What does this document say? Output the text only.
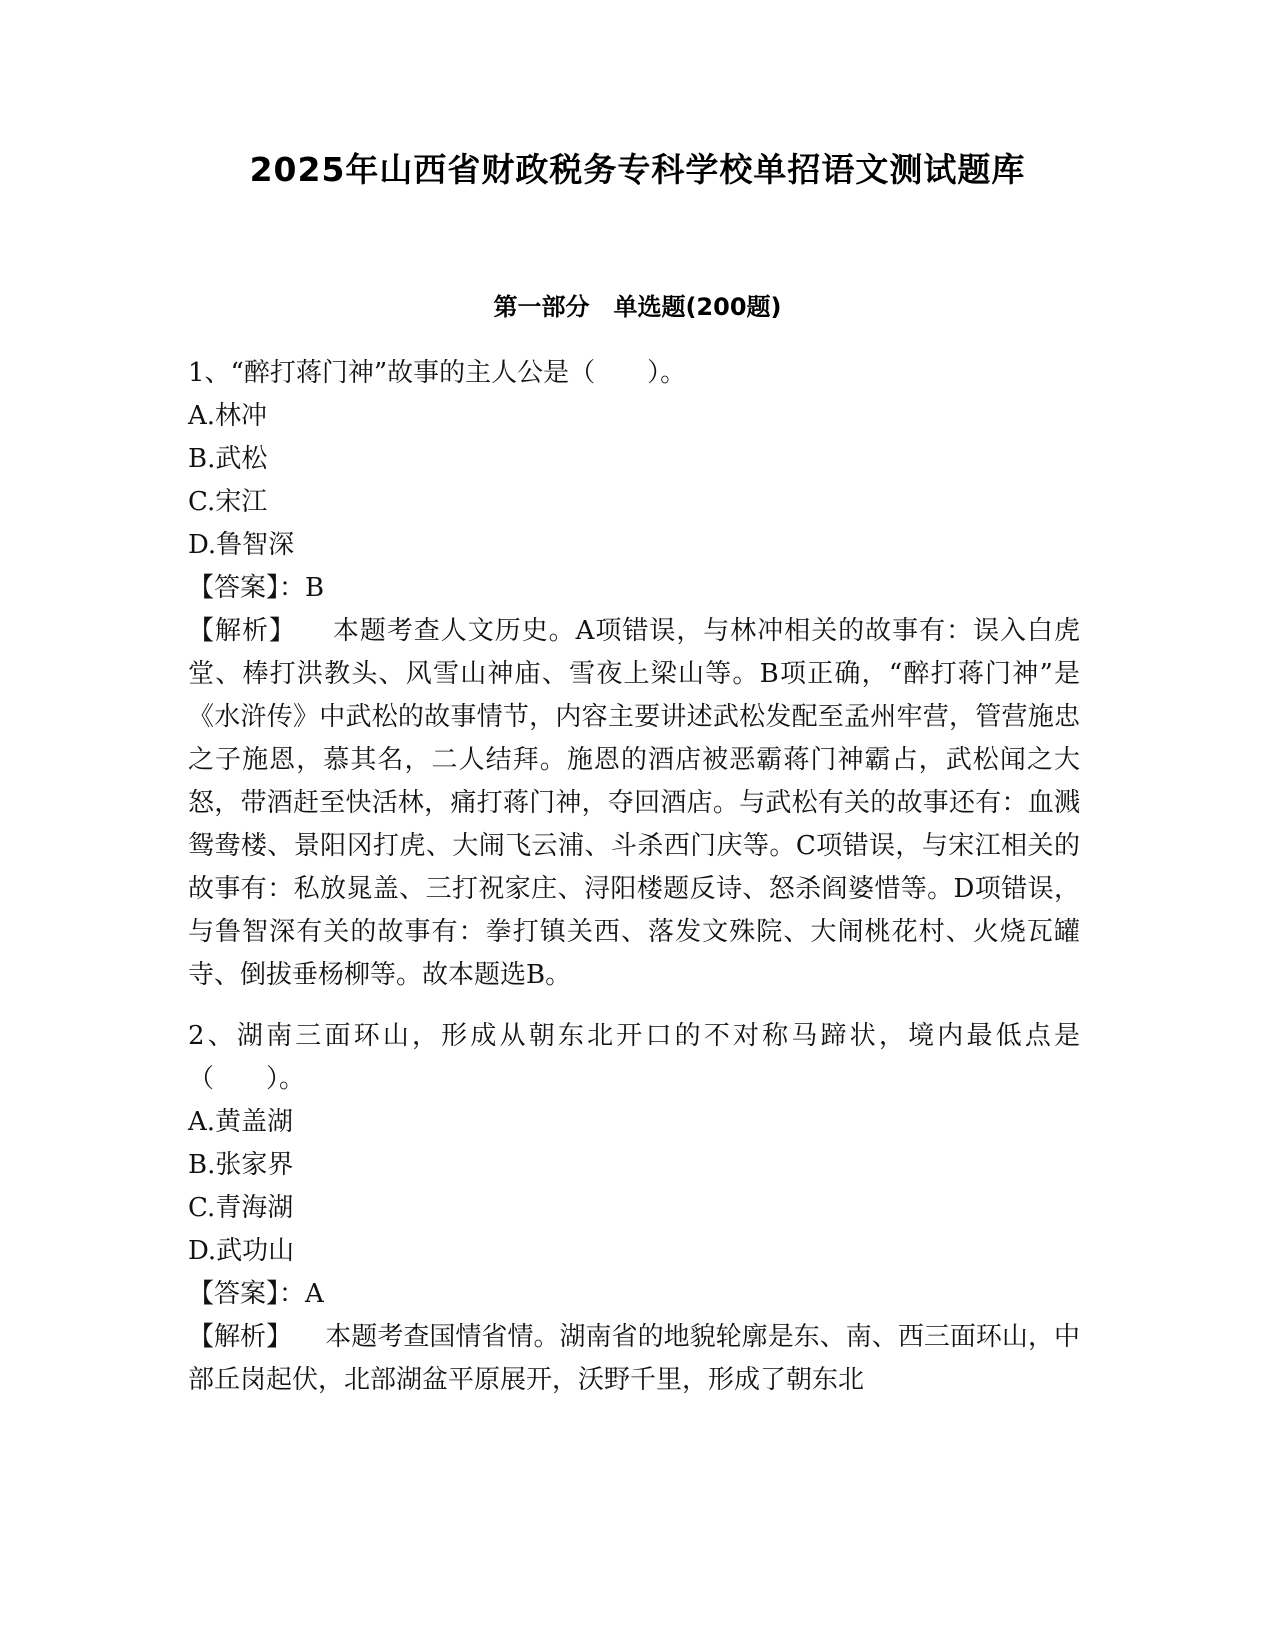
2025年山西省财政税务专科学校单招语文测试题库
第一部分　单选题(200题)

1、“醉打蒋门神”故事的主人公是（　　）。

A.林冲

B.武松

C.宋江

D.鲁智深

【答案】：B

【解析】 本题考查人文历史。A项错误，与林冲相关的故事有：误入白虎堂、棒打洪教头、风雪山神庙、雪夜上梁山等。B项正确，“醉打蒋门神”是《水浒传》中武松的故事情节，内容主要讲述武松发配至孟州牢营，管营施忠之子施恩，慕其名，二人结拜。施恩的酒店被恶霸蒋门神霸占，武松闻之大怒，带酒赶至快活林，痛打蒋门神，夺回酒店。与武松有关的故事还有：血溅鸳鸯楼、景阳冈打虎、大闹飞云浦、斗杀西门庆等。C项错误，与宋江相关的故事有：私放晁盖、三打祝家庄、浔阳楼题反诗、怒杀阎婆惜等。D项错误，与鲁智深有关的故事有：拳打镇关西、落发文殊院、大闹桃花村、火烧瓦罐寺、倒拔垂杨柳等。故本题选B。

2、湖南三面环山，形成从朝东北开口的不对称马蹄状，境内最低点是（　　）。

A.黄盖湖

B.张家界

C.青海湖

D.武功山

【答案】：A

【解析】 本题考查国情省情。湖南省的地貌轮廓是东、南、西三面环山，中部丘岗起伏，北部湖盆平原展开，沃野千里，形成了朝东北
